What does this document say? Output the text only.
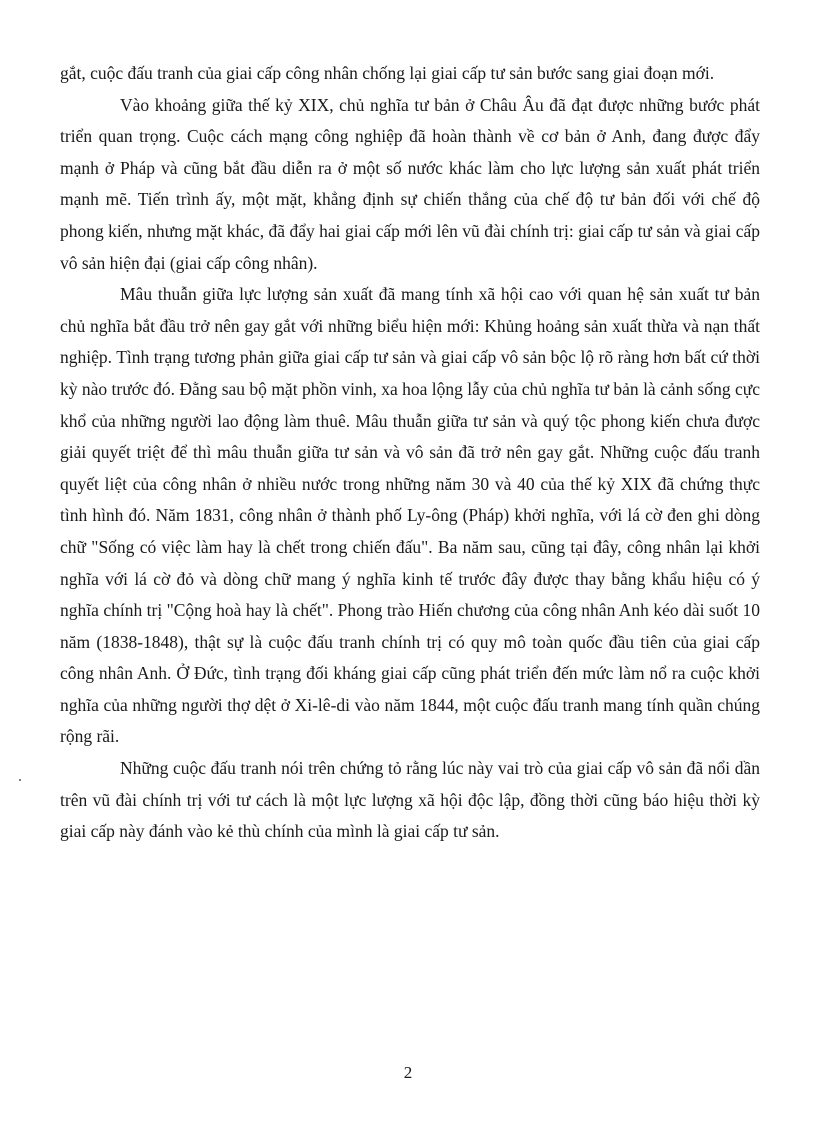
gắt, cuộc đấu tranh của giai cấp công nhân chống lại giai cấp tư sản bước sang giai đoạn mới.

Vào khoảng giữa thế kỷ XIX, chủ nghĩa tư bản ở Châu Âu đã đạt được những bước phát triển quan trọng. Cuộc cách mạng công nghiệp đã hoàn thành về cơ bản ở Anh, đang được đẩy mạnh ở Pháp và cũng bắt đầu diễn ra ở một số nước khác làm cho lực lượng sản xuất phát triển mạnh mẽ. Tiến trình ấy, một mặt, khẳng định sự chiến thắng của chế độ tư bản đối với chế độ phong kiến, nhưng mặt khác, đã đẩy hai giai cấp mới lên vũ đài chính trị: giai cấp tư sản và giai cấp vô sản hiện đại (giai cấp công nhân).

Mâu thuẫn giữa lực lượng sản xuất đã mang tính xã hội cao với quan hệ sản xuất tư bản chủ nghĩa bắt đầu trở nên gay gắt với những biểu hiện mới: Khủng hoảng sản xuất thừa và nạn thất nghiệp. Tình trạng tương phản giữa giai cấp tư sản và giai cấp vô sản bộc lộ rõ ràng hơn bất cứ thời kỳ nào trước đó. Đằng sau bộ mặt phồn vinh, xa hoa lộng lẫy của chủ nghĩa tư bản là cảnh sống cực khổ của những người lao động làm thuê. Mâu thuẫn giữa tư sản và quý tộc phong kiến chưa được giải quyết triệt để thì mâu thuẫn giữa tư sản và vô sản đã trở nên gay gắt. Những cuộc đấu tranh quyết liệt của công nhân ở nhiều nước trong những năm 30 và 40 của thế kỷ XIX đã chứng thực tình hình đó. Năm 1831, công nhân ở thành phố Ly-ông (Pháp) khởi nghĩa, với lá cờ đen ghi dòng chữ "Sống có việc làm hay là chết trong chiến đấu". Ba năm sau, cũng tại đây, công nhân lại khởi nghĩa với lá cờ đỏ và dòng chữ mang ý nghĩa kinh tế trước đây được thay bằng khẩu hiệu có ý nghĩa chính trị "Cộng hoà hay là chết". Phong trào Hiến chương của công nhân Anh kéo dài suốt 10 năm (1838-1848), thật sự là cuộc đấu tranh chính trị có quy mô toàn quốc đầu tiên của giai cấp công nhân Anh. Ở Đức, tình trạng đối kháng giai cấp cũng phát triển đến mức làm nổ ra cuộc khởi nghĩa của những người thợ dệt ở Xi-lê-di vào năm 1844, một cuộc đấu tranh mang tính quần chúng rộng rãi.

Những cuộc đấu tranh nói trên chứng tỏ rằng lúc này vai trò của giai cấp vô sản đã nổi dần trên vũ đài chính trị với tư cách là một lực lượng xã hội độc lập, đồng thời cũng báo hiệu thời kỳ giai cấp này đánh vào kẻ thù chính của mình là giai cấp tư sản.

2
